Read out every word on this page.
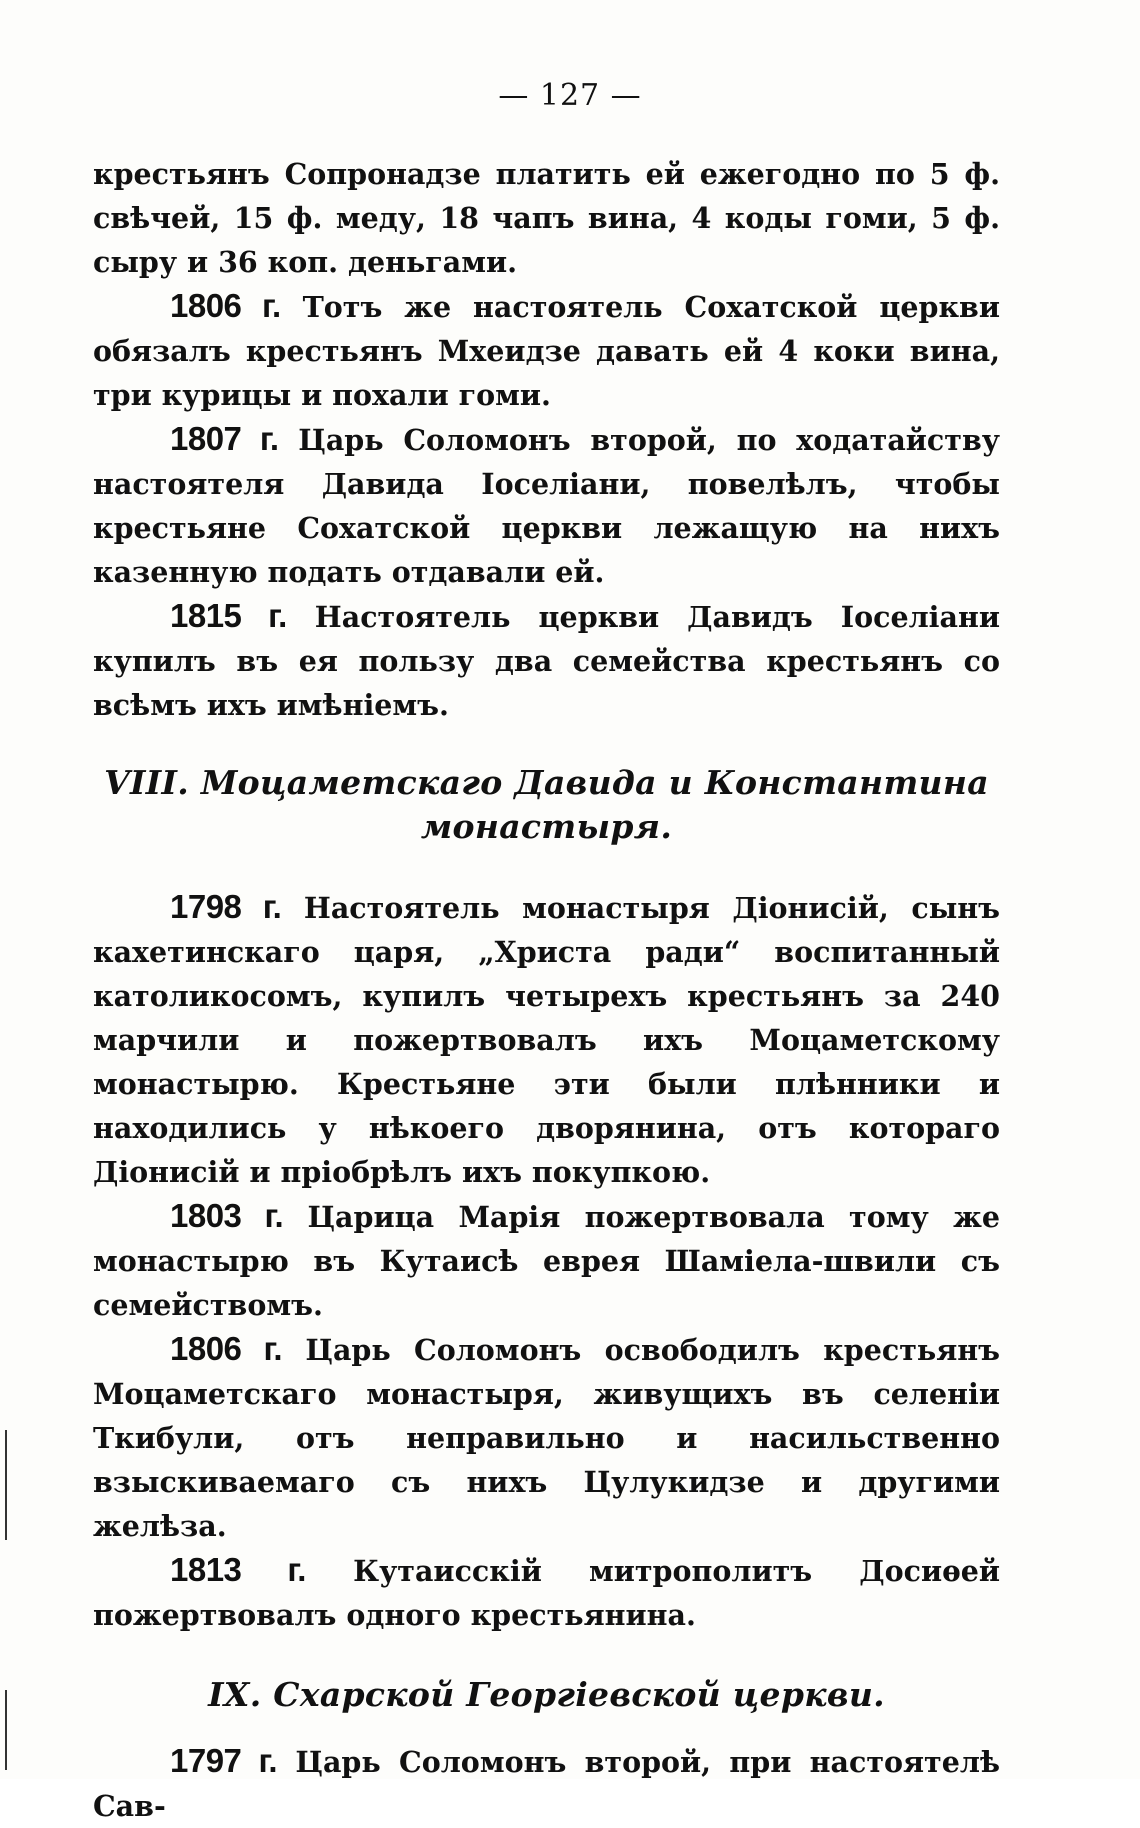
— 127 —

крестьянъ Сопронадзе платить ей ежегодно по 5 ф. свѣчей, 15 ф. меду, 18 чапъ вина, 4 коды гоми, 5 ф. сыру и 36 коп. деньгами.

1806 г. Тотъ же настоятель Сохатской церкви обязалъ крестьянъ Мхеидзе давать ей 4 коки вина, три курицы и похали гоми.

1807 г. Царь Соломонъ второй, по ходатайству настоятеля Давида Іоселіани, повелѣлъ, чтобы крестьяне Сохатской церкви лежащую на нихъ казенную подать отдавали ей.

1815 г. Настоятель церкви Давидъ Іоселіани купилъ въ ея пользу два семейства крестьянъ со всѣмъ ихъ имѣніемъ.

VIII. Моцаметскаго Давида и Константина монастыря.

1798 г. Настоятель монастыря Діонисій, сынъ кахетинскаго царя, „Христа ради“ воспитанный католикосомъ, купилъ четырехъ крестьянъ за 240 марчили и пожертвовалъ ихъ Моцаметскому монастырю. Крестьяне эти были плѣнники и находились у нѣкоего дворянина, отъ котораго Діонисій и пріобрѣлъ ихъ покупкою.

1803 г. Царица Марія пожертвовала тому же монастырю въ Кутаисѣ еврея Шаміела-швили съ семействомъ.

1806 г. Царь Соломонъ освободилъ крестьянъ Моцаметскаго монастыря, живущихъ въ селеніи Ткибули, отъ неправильно и насильственно взыскиваемаго съ нихъ Цулукидзе и другими желѣза.

1813 г. Кутаисскій митрополитъ Досиѳей пожертвовалъ одного крестьянина.

IX. Схарской Георгіевской церкви.

1797 г. Царь Соломонъ второй, при настоятелѣ Сав-
